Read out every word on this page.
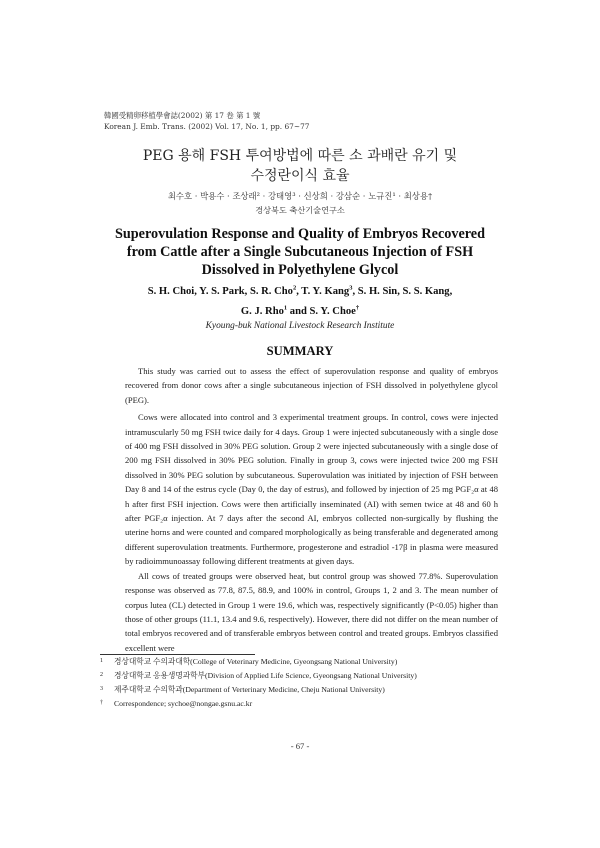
韓國受精卵移植學會誌(2002) 第 17 卷 第 1 號
Korean J. Emb. Trans. (2002) Vol. 17, No. 1, pp. 67~77
PEG 용해 FSH 투여방법에 따른 소 과배란 유기 및
수정란이식 효율
최수호 · 박용수 · 조상래² · 강태영³ · 신상희 · 강삼순 · 노규진¹ · 최상용†
경상북도 축산기술연구소
Superovulation Response and Quality of Embryos Recovered
from Cattle after a Single Subcutaneous Injection of FSH
Dissolved in Polyethylene Glycol
S. H. Choi, Y. S. Park, S. R. Cho$^2$, T. Y. Kang$^3$, S. H. Sin, S. S. Kang,
G. J. Rho$^1$ and S. Y. Choe†
Kyoung-buk National Livestock Research Institute
SUMMARY

This study was carried out to assess the effect of superovulation response and quality of embryos recovered from donor cows after a single subcutaneous injection of FSH dissolved in polyethylene glycol (PEG).

Cows were allocated into control and 3 experimental treatment groups. In control, cows were injected intramuscularly 50 mg FSH twice daily for 4 days. Group 1 were injected subcutaneously with a single dose of 400 mg FSH dissolved in 30% PEG solution. Group 2 were injected subcutaneously with a single dose of 200 mg FSH dissolved in 30% PEG solution. Finally in group 3, cows were injected twice 200 mg FSH dissolved in 30% PEG solution by subcutaneous. Superovulation was initiated by injection of FSH between Day 8 and 14 of the estrus cycle (Day 0, the day of estrus), and followed by injection of 25 mg PGF₂α at 48 h after first FSH injection. Cows were then artificially inseminated (AI) with semen twice at 48 and 60 h after PGF₂α injection. At 7 days after the second AI, embryos collected non-surgically by flushing the uterine horns and were counted and compared morphologically as being transferable and degenerated among different superovulation treatments. Furthermore, progesterone and estradiol -17β in plasma were measured by radioimmunoassay following different treatments at given days.

All cows of treated groups were observed heat, but control group was showed 77.8%. Superovulation response was observed as 77.8, 87.5, 88.9, and 100% in control, Groups 1, 2 and 3. The mean number of corpus lutea (CL) detected in Group 1 were 19.6, which was, respectively significantly (P<0.05) higher than those of other groups (11.1, 13.4 and 9.6, respectively). However, there did not differ on the mean number of total embryos recovered and of transferable embryos between control and treated groups. Embryos classified excellent were

1 경상대학교 수의과대학(College of Veterinary Medicine, Gyeongsang National University)
2 경상대학교 응용생명과학부(Division of Applied Life Science, Gyeongsang National University)
3 제주대학교 수의학과(Department of Verterinary Medicine, Cheju National University)
† Correspondence; sychoe@nongae.gsnu.ac.kr
- 67 -
